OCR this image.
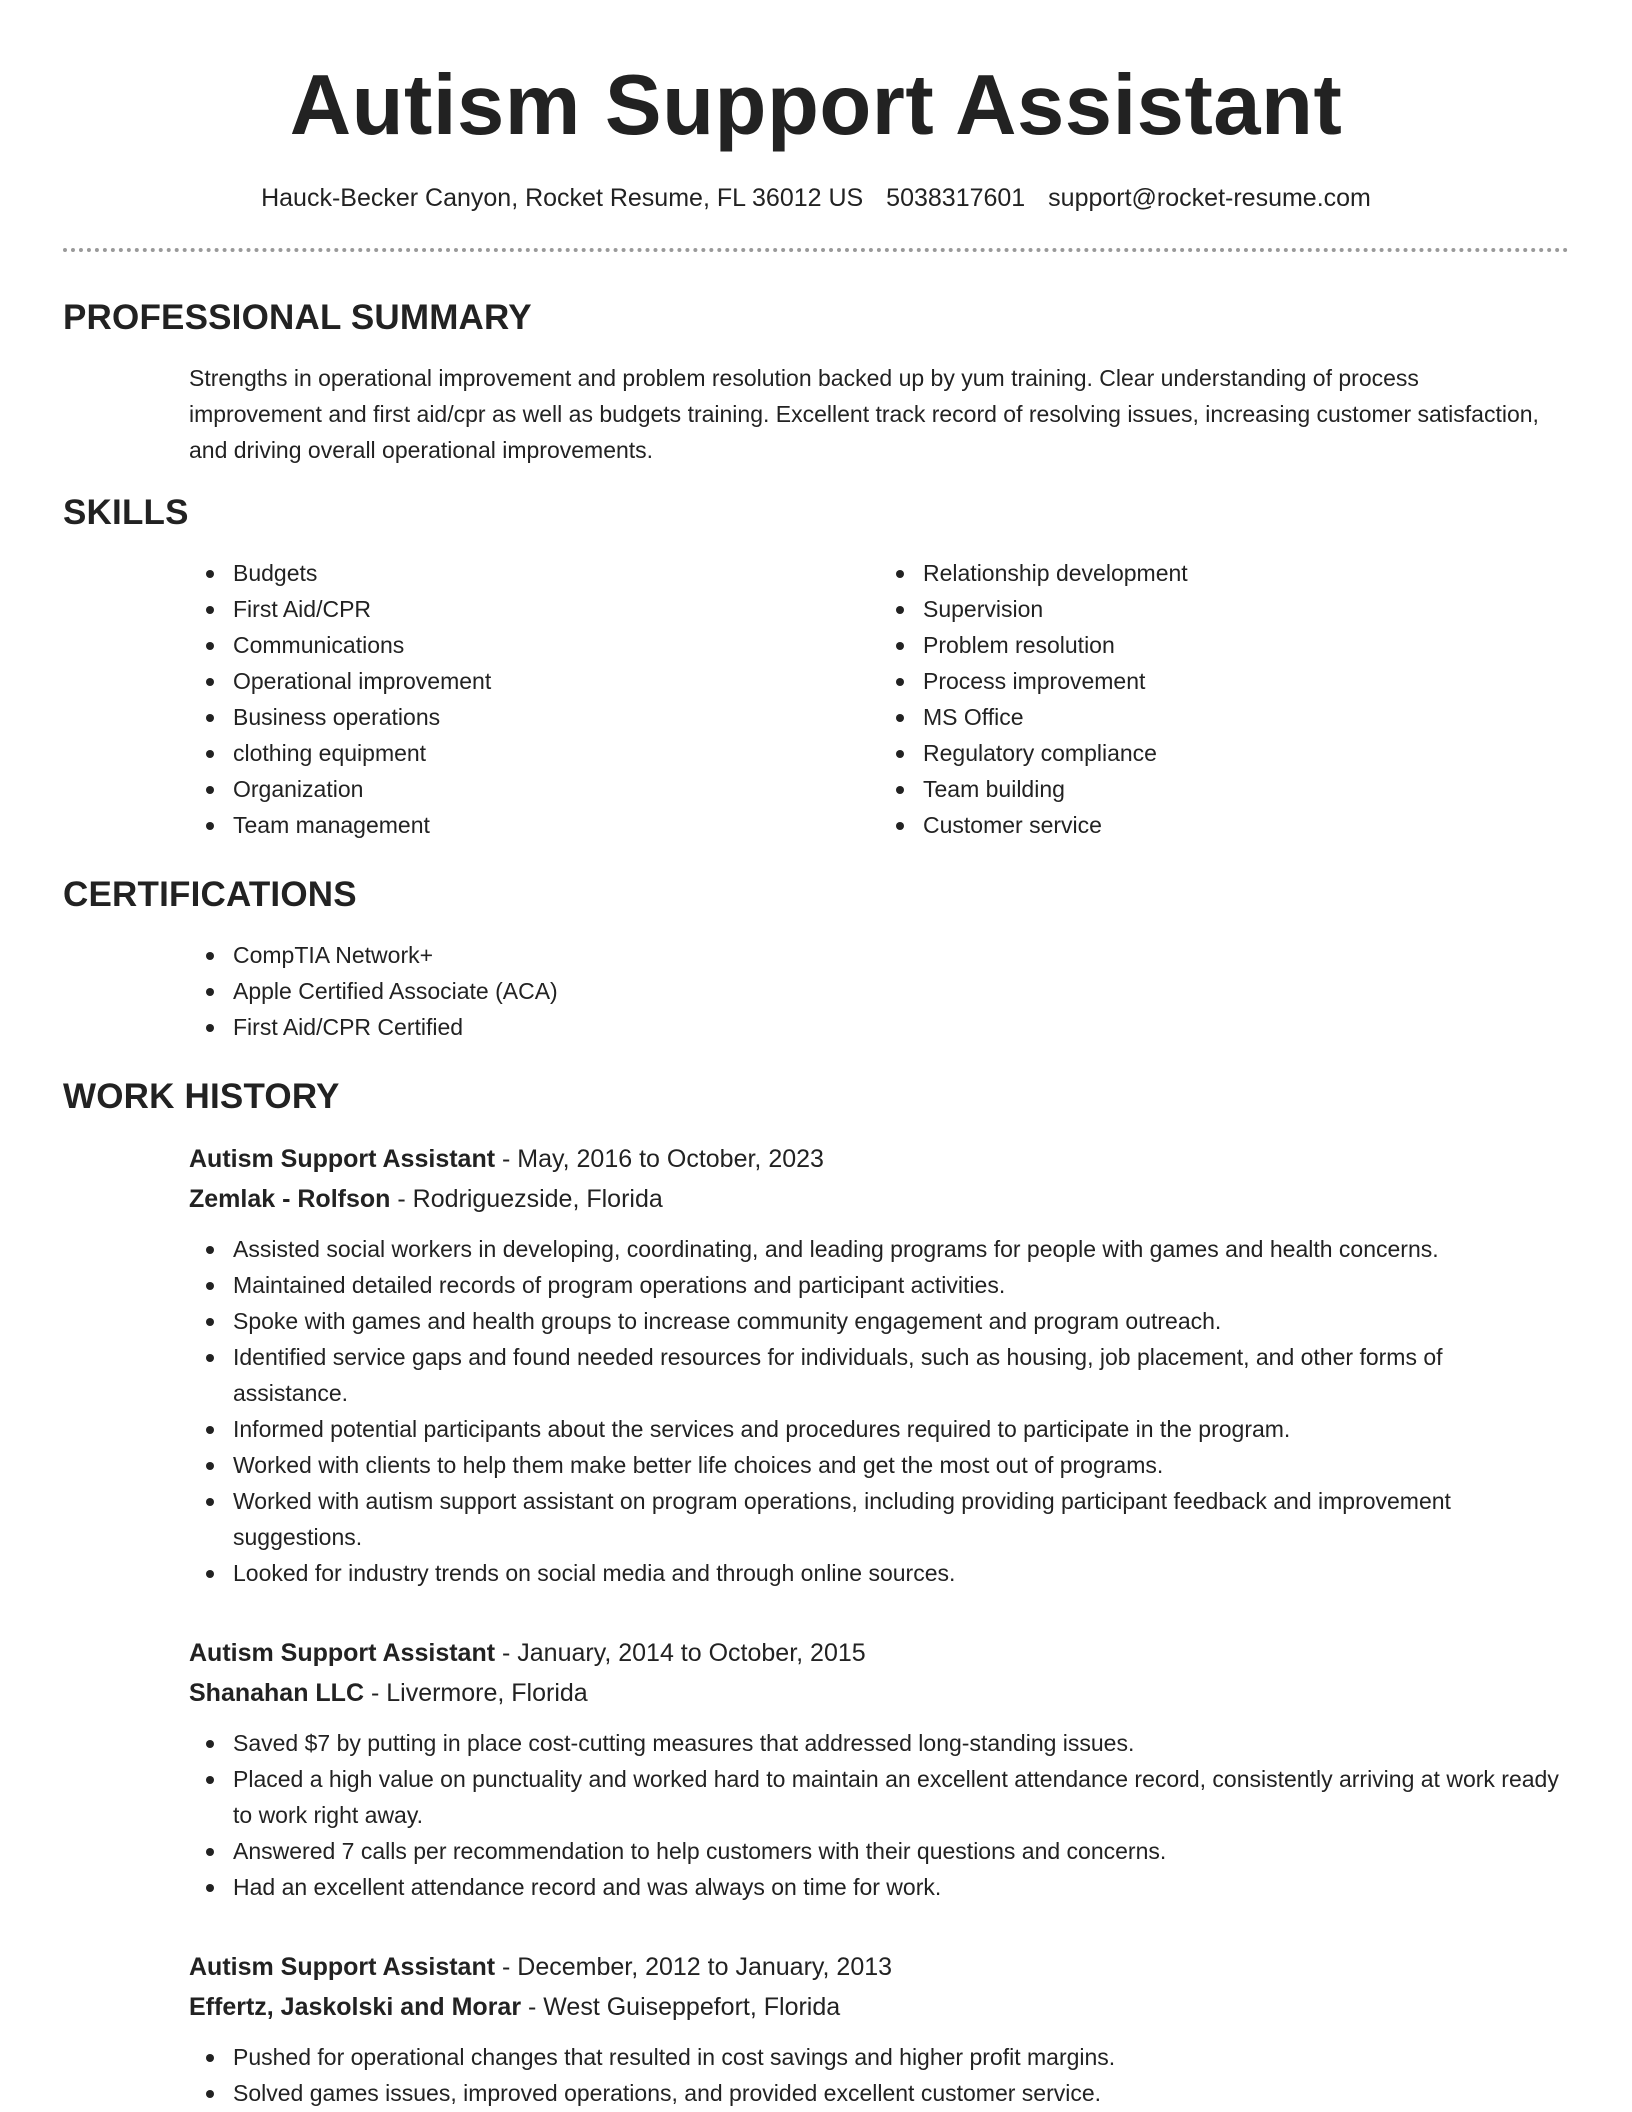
Autism Support Assistant
Hauck-Becker Canyon, Rocket Resume, FL 36012 US 5038317601 support@rocket-resume.com
PROFESSIONAL SUMMARY

Strengths in operational improvement and problem resolution backed up by yum training. Clear understanding of process improvement and first aid/cpr as well as budgets training. Excellent track record of resolving issues, increasing customer satisfaction, and driving overall operational improvements.

SKILLS
Budgets
First Aid/CPR
Communications
Operational improvement
Business operations
clothing equipment
Organization
Team management
Relationship development
Supervision
Problem resolution
Process improvement
MS Office
Regulatory compliance
Team building
Customer service
CERTIFICATIONS
CompTIA Network+
Apple Certified Associate (ACA)
First Aid/CPR Certified
WORK HISTORY
Autism Support Assistant - May, 2016 to October, 2023
Zemlak - Rolfson - Rodriguezside, Florida
Assisted social workers in developing, coordinating, and leading programs for people with games and health concerns.
Maintained detailed records of program operations and participant activities.
Spoke with games and health groups to increase community engagement and program outreach.
Identified service gaps and found needed resources for individuals, such as housing, job placement, and other forms of assistance.
Informed potential participants about the services and procedures required to participate in the program.
Worked with clients to help them make better life choices and get the most out of programs.
Worked with autism support assistant on program operations, including providing participant feedback and improvement suggestions.
Looked for industry trends on social media and through online sources.
Autism Support Assistant - January, 2014 to October, 2015
Shanahan LLC - Livermore, Florida
Saved $7 by putting in place cost-cutting measures that addressed long-standing issues.
Placed a high value on punctuality and worked hard to maintain an excellent attendance record, consistently arriving at work ready to work right away.
Answered 7 calls per recommendation to help customers with their questions and concerns.
Had an excellent attendance record and was always on time for work.
Autism Support Assistant - December, 2012 to January, 2013
Effertz, Jaskolski and Morar - West Guiseppefort, Florida
Pushed for operational changes that resulted in cost savings and higher profit margins.
Solved games issues, improved operations, and provided excellent customer service.
